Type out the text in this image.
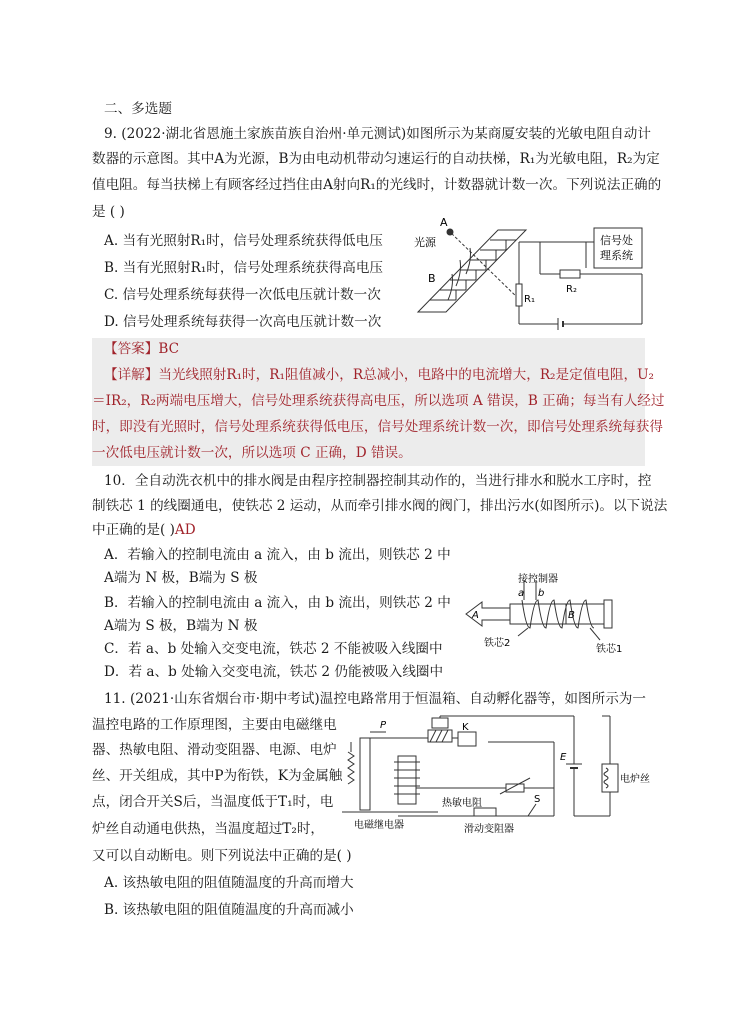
二、多选题
9. (2022·湖北省恩施土家族苗族自治州·单元测试)如图所示为某商厦安装的光敏电阻自动计
数器的示意图。其中A为光源，B为由电动机带动匀速运行的自动扶梯，R₁为光敏电阻，R₂为定
值电阻。每当扶梯上有顾客经过挡住由A射向R₁的光线时，计数器就计数一次。下列说法正确的
是 ( )
A. 当有光照射R₁时，信号处理系统获得低电压
B. 当有光照射R₁时，信号处理系统获得高电压
C. 信号处理系统每获得一次低电压就计数一次
D. 信号处理系统每获得一次高电压就计数一次
A
光源
B
信号处
理系统
R₁
R₂
【答案】BC
【详解】当光线照射R₁时，R₁阻值减小，R总减小，电路中的电流增大，R₂是定值电阻，U₂
＝IR₂，R₂两端电压增大，信号处理系统获得高电压，所以选项 A 错误，B 正确；每当有人经过
时，即没有光照时，信号处理系统获得低电压，信号处理系统计数一次，即信号处理系统每获得
一次低电压就计数一次，所以选项 C 正确，D 错误。
10．全自动洗衣机中的排水阀是由程序控制器控制其动作的，当进行排水和脱水工序时，控
制铁芯 1 的线圈通电，使铁芯 2 运动，从而牵引排水阀的阀门，排出污水(如图所示)。以下说法
中正确的是( )AD
A．若输入的控制电流由 a 流入，由 b 流出，则铁芯 2 中
A端为 N 极，B端为 S 极
B．若输入的控制电流由 a 流入，由 b 流出，则铁芯 2 中
A端为 S 极，B端为 N 极
C．若 a、b 处输入交变电流，铁芯 2 不能被吸入线圈中
D．若 a、b 处输入交变电流，铁芯 2 仍能被吸入线圈中
接控制器
a b
A	B
铁芯2
铁芯1
11. (2021·山东省烟台市·期中考试)温控电路常用于恒温箱、自动孵化器等，如图所示为一
温控电路的工作原理图，主要由电磁继电
器、热敏电阻、滑动变阻器、电源、电炉
丝、开关组成，其中P为衔铁，K为金属触
点，闭合开关S后，当温度低于T₁时，电
炉丝自动通电供热，当温度超过T₂时，
又可以自动断电。则下列说法中正确的是( )
A. 该热敏电阻的阻值随温度的升高而增大
B. 该热敏电阻的阻值随温度的升高而减小
P	K
E
S
热敏电阻
电磁继电器	滑动变阻器
电炉丝
